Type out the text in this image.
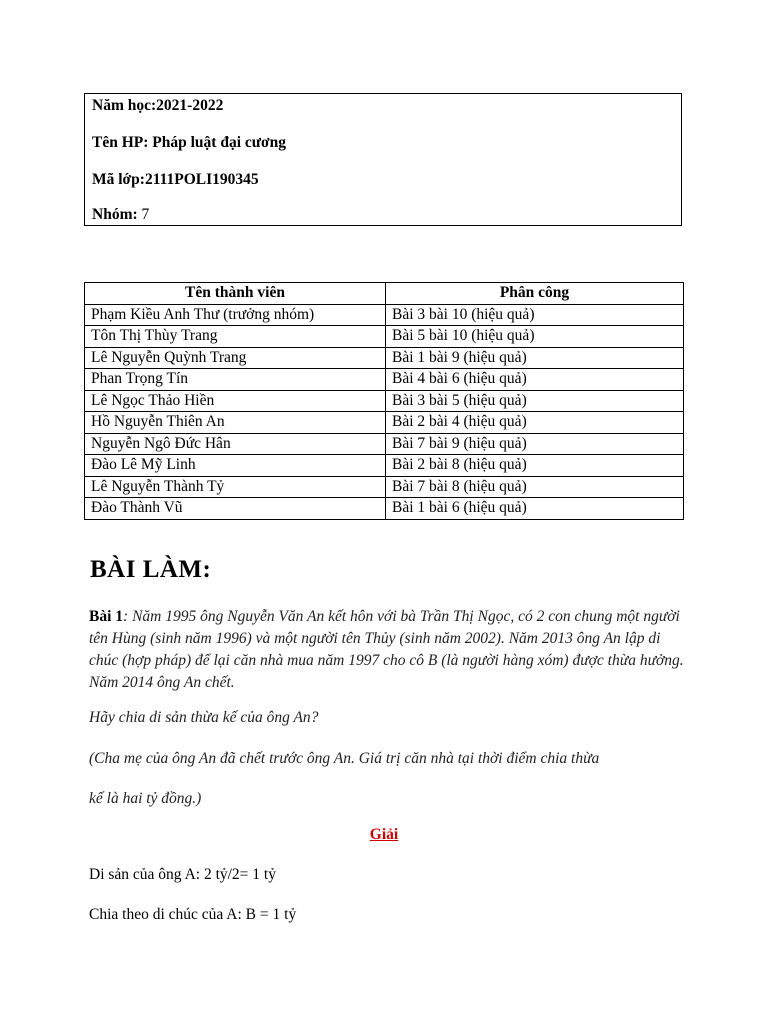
Năm học:2021-2022
Tên HP: Pháp luật đại cương
Mã lớp:2111POLI190345
Nhóm: 7
Tên thành viên	Phân công
Phạm Kiều Anh Thư (trưởng nhóm)	Bài 3 bài 10 (hiệu quả)
Tôn Thị Thùy Trang	Bài 5 bài 10 (hiệu quả)
Lê Nguyễn Quỳnh Trang	Bài 1 bài 9 (hiệu quả)
Phan Trọng Tín	Bài 4 bài 6 (hiệu quả)
Lê Ngọc Thảo Hiền	Bài 3 bài 5 (hiệu quả)
Hồ Nguyễn Thiên An	Bài 2 bài 4 (hiệu quả)
Nguyễn Ngô Đức Hân	Bài 7 bài 9 (hiệu quả)
Đào Lê Mỹ Linh	Bài 2 bài 8 (hiệu quả)
Lê Nguyễn Thành Tỷ	Bài 7 bài 8 (hiệu quả)
Đào Thành Vũ	Bài 1 bài 6 (hiệu quả)
BÀI LÀM:
Bài 1: Năm 1995 ông Nguyễn Văn An kết hôn với bà Trần Thị Ngọc, có 2 con chung một người tên Hùng (sinh năm 1996) và một người tên Thủy (sinh năm 2002). Năm 2013 ông An lập di chúc (hợp pháp) để lại căn nhà mua năm 1997 cho cô B (là người hàng xóm) được thừa hưởng. Năm 2014 ông An chết.
Hãy chia di sản thừa kế của ông An?
(Cha mẹ của ông An đã chết trước ông An. Giá trị căn nhà tại thời điểm chia thừa
kế là hai tỷ đồng.)
Giải
Di sản của ông A: 2 tỷ/2= 1 tỷ
Chia theo di chúc của A: B = 1 tỷ
